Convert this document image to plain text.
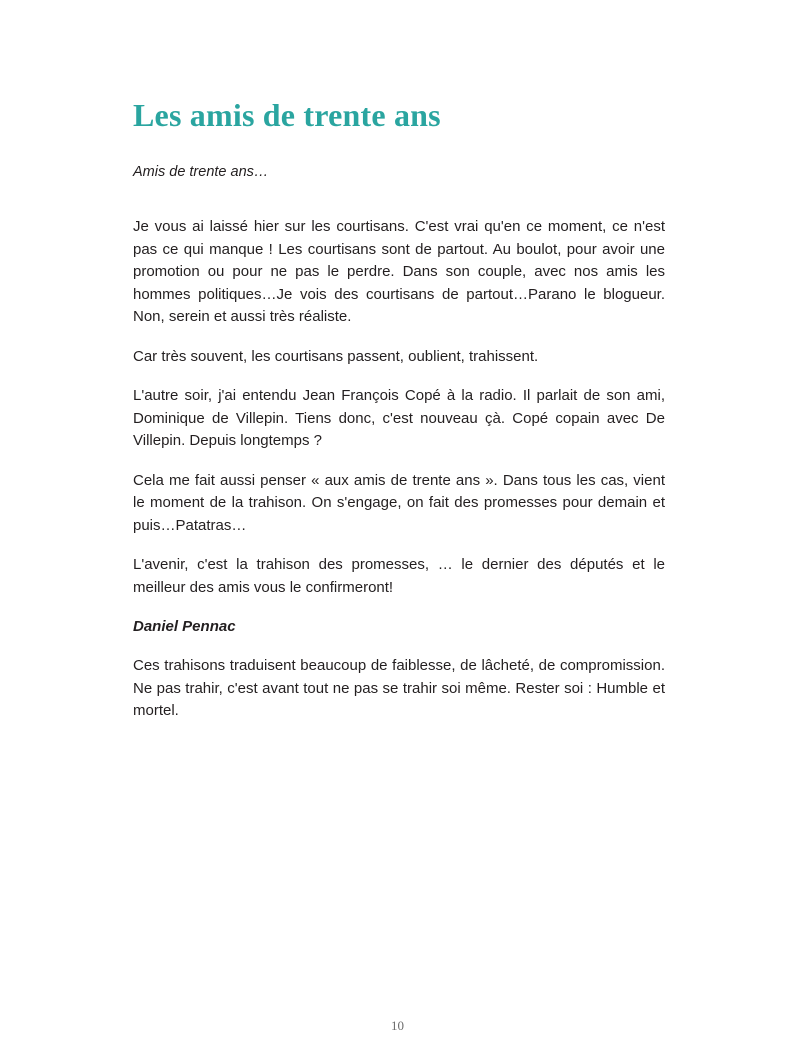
Les amis de trente ans

Amis de trente ans…

Je vous ai laissé hier sur les courtisans. C'est vrai qu'en ce moment, ce n'est pas ce qui manque ! Les courtisans sont de partout. Au boulot, pour avoir une promotion ou pour ne pas le perdre. Dans son couple, avec nos amis les hommes politiques…Je vois des courtisans de partout…Parano le blogueur. Non, serein et aussi très réaliste.

Car très souvent, les courtisans passent, oublient, trahissent.

L'autre soir, j'ai entendu Jean François Copé à la radio. Il parlait de son ami, Dominique de Villepin. Tiens donc, c'est nouveau çà. Copé copain avec De Villepin. Depuis longtemps ?

Cela me fait aussi penser « aux amis de trente ans ». Dans tous les cas, vient le moment de la trahison. On s'engage, on fait des promesses pour demain et puis…Patatras…

L'avenir, c'est la trahison des promesses, … le dernier des députés et le meilleur des amis vous le confirmeront!

Daniel Pennac

Ces trahisons traduisent beaucoup de faiblesse, de lâcheté, de compromission. Ne pas trahir, c'est avant tout ne pas se trahir soi même. Rester soi : Humble et mortel.

10
